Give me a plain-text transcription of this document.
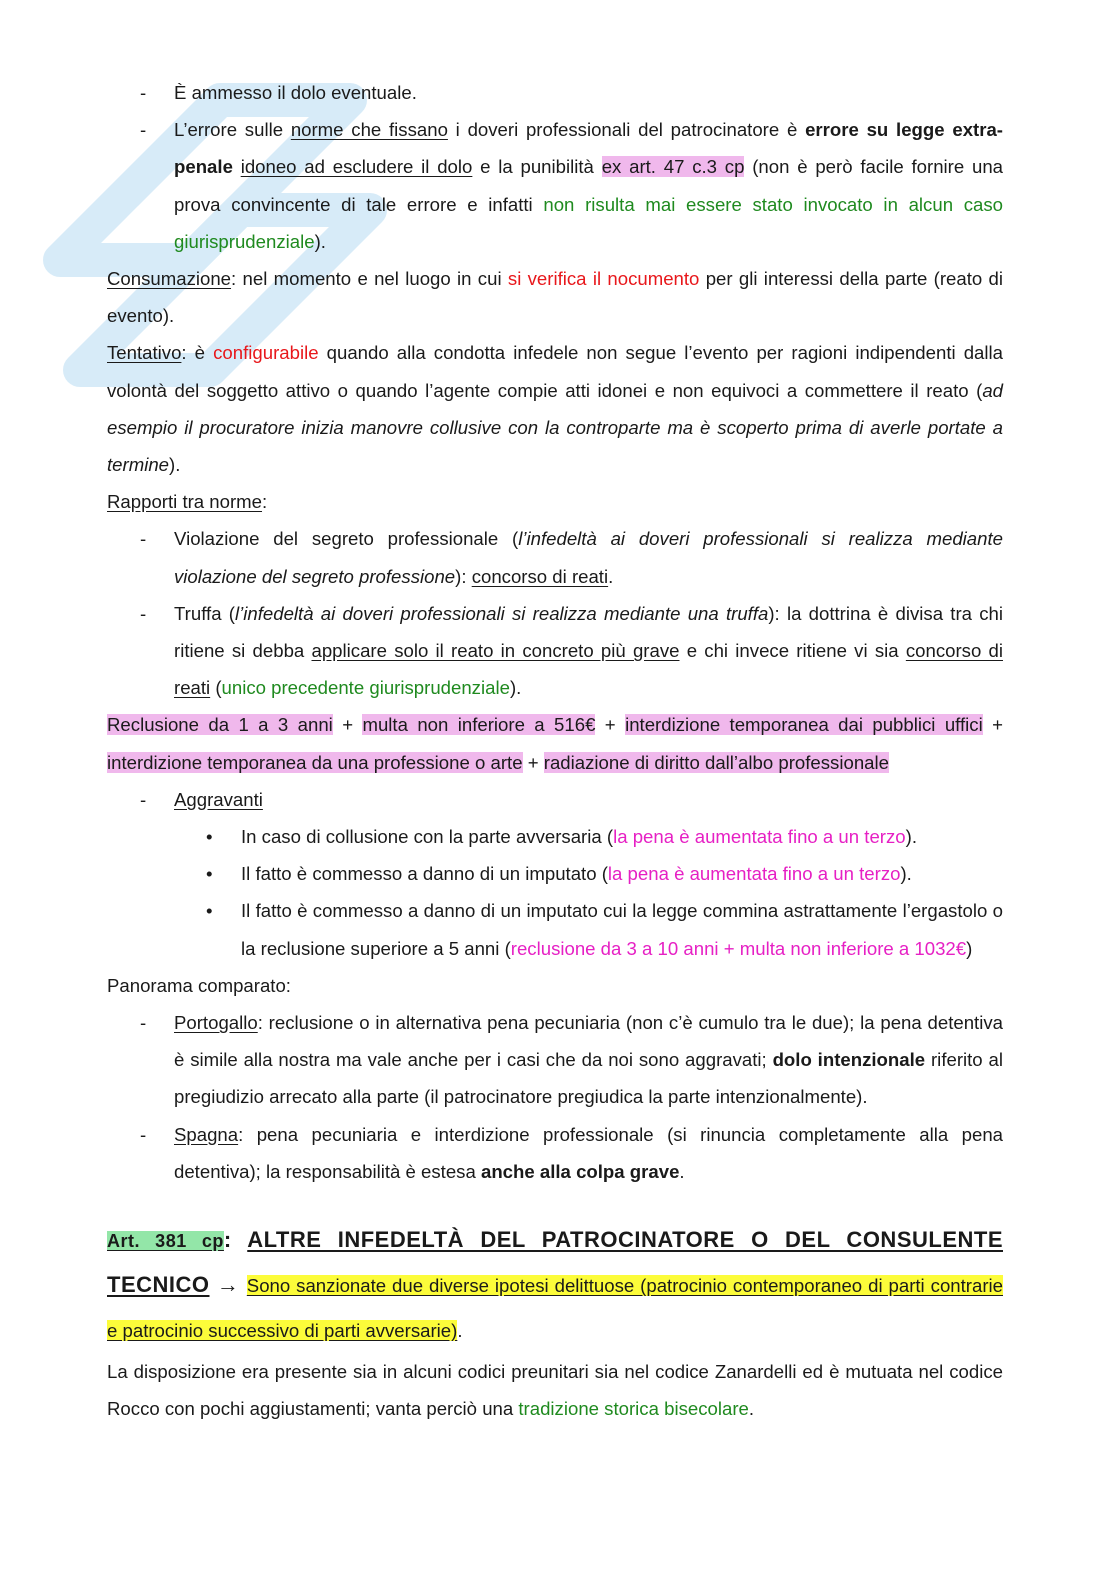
- È ammesso il dolo eventuale.

- L’errore sulle norme che fissano i doveri professionali del patrocinatore è errore su legge extra-penale idoneo ad escludere il dolo e la punibilità ex art. 47 c.3 cp (non è però facile fornire una prova convincente di tale errore e infatti non risulta mai essere stato invocato in alcun caso giurisprudenziale).

Consumazione: nel momento e nel luogo in cui si verifica il nocumento per gli interessi della parte (reato di evento).

Tentativo: è configurabile quando alla condotta infedele non segue l’evento per ragioni indipendenti dalla volontà del soggetto attivo o quando l’agente compie atti idonei e non equivoci a commettere il reato (ad esempio il procuratore inizia manovre collusive con la controparte ma è scoperto prima di averle portate a termine).

Rapporti tra norme:

- Violazione del segreto professionale (l’infedeltà ai doveri professionali si realizza mediante violazione del segreto professione): concorso di reati.

- Truffa (l’infedeltà ai doveri professionali si realizza mediante una truffa): la dottrina è divisa tra chi ritiene si debba applicare solo il reato in concreto più grave e chi invece ritiene vi sia concorso di reati (unico precedente giurisprudenziale).

Reclusione da 1 a 3 anni + multa non inferiore a 516€ + interdizione temporanea dai pubblici uffici + interdizione temporanea da una professione o arte + radiazione di diritto dall’albo professionale

- Aggravanti

• In caso di collusione con la parte avversaria (la pena è aumentata fino a un terzo).

• Il fatto è commesso a danno di un imputato (la pena è aumentata fino a un terzo).

• Il fatto è commesso a danno di un imputato cui la legge commina astrattamente l’ergastolo o la reclusione superiore a 5 anni (reclusione da 3 a 10 anni + multa non inferiore a 1032€)

Panorama comparato:

- Portogallo: reclusione o in alternativa pena pecuniaria (non c’è cumulo tra le due); la pena detentiva è simile alla nostra ma vale anche per i casi che da noi sono aggravati; dolo intenzionale riferito al pregiudizio arrecato alla parte (il patrocinatore pregiudica la parte intenzionalmente).

- Spagna: pena pecuniaria e interdizione professionale (si rinuncia completamente alla pena detentiva); la responsabilità è estesa anche alla colpa grave.

Art. 381 cp: ALTRE INFEDELTÀ DEL PATROCINATORE O DEL CONSULENTE TECNICO → Sono sanzionate due diverse ipotesi delittuose (patrocinio contemporaneo di parti contrarie e patrocinio successivo di parti avversarie).

La disposizione era presente sia in alcuni codici preunitari sia nel codice Zanardelli ed è mutuata nel codice Rocco con pochi aggiustamenti; vanta perciò una tradizione storica bisecolare.
